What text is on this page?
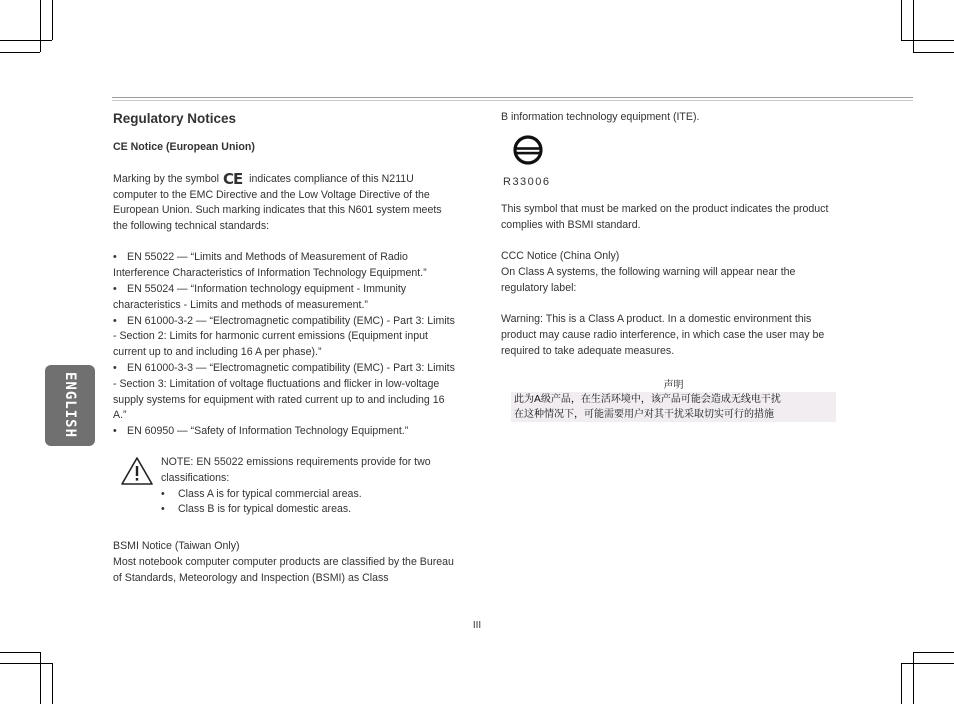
ENGLISH
Regulatory Notices
CE Notice (European Union)
Marking by the symbol CE indicates compliance of this N211U computer to the EMC Directive and the Low Voltage Directive of the European Union. Such marking indicates that this N601 system meets the following technical standards:
• EN 55022 — “Limits and Methods of Measurement of Radio Interference Characteristics of Information Technology Equipment.”
• EN 55024 — “Information technology equipment - Immunity characteristics - Limits and methods of measurement.”
• EN 61000-3-2 — “Electromagnetic compatibility (EMC) - Part 3: Limits - Section 2: Limits for harmonic current emissions (Equipment input current up to and including 16 A per phase).”
• EN 61000-3-3 — “Electromagnetic compatibility (EMC) - Part 3: Limits - Section 3: Limitation of voltage fluctuations and flicker in low-voltage supply systems for equipment with rated current up to and including 16 A.”
• EN 60950 — “Safety of Information Technology Equipment.”
NOTE: EN 55022 emissions requirements provide for two classifications:
• Class A is for typical commercial areas.
• Class B is for typical domestic areas.
BSMI Notice (Taiwan Only)
Most notebook computer computer products are classified by the Bureau of Standards, Meteorology and Inspection (BSMI) as Class
B information technology equipment (ITE).
R33006
This symbol that must be marked on the product indicates the product complies with BSMI standard.
CCC Notice (China Only)
On Class A systems, the following warning will appear near the regulatory label:
Warning: This is a Class A product. In a domestic environment this product may cause radio interference, in which case the user may be required to take adequate measures.
声明
此为A级产品，在生活环境中，该产品可能会造成无线电干扰
在这种情况下，可能需要用户对其干扰采取切实可行的措施
III
